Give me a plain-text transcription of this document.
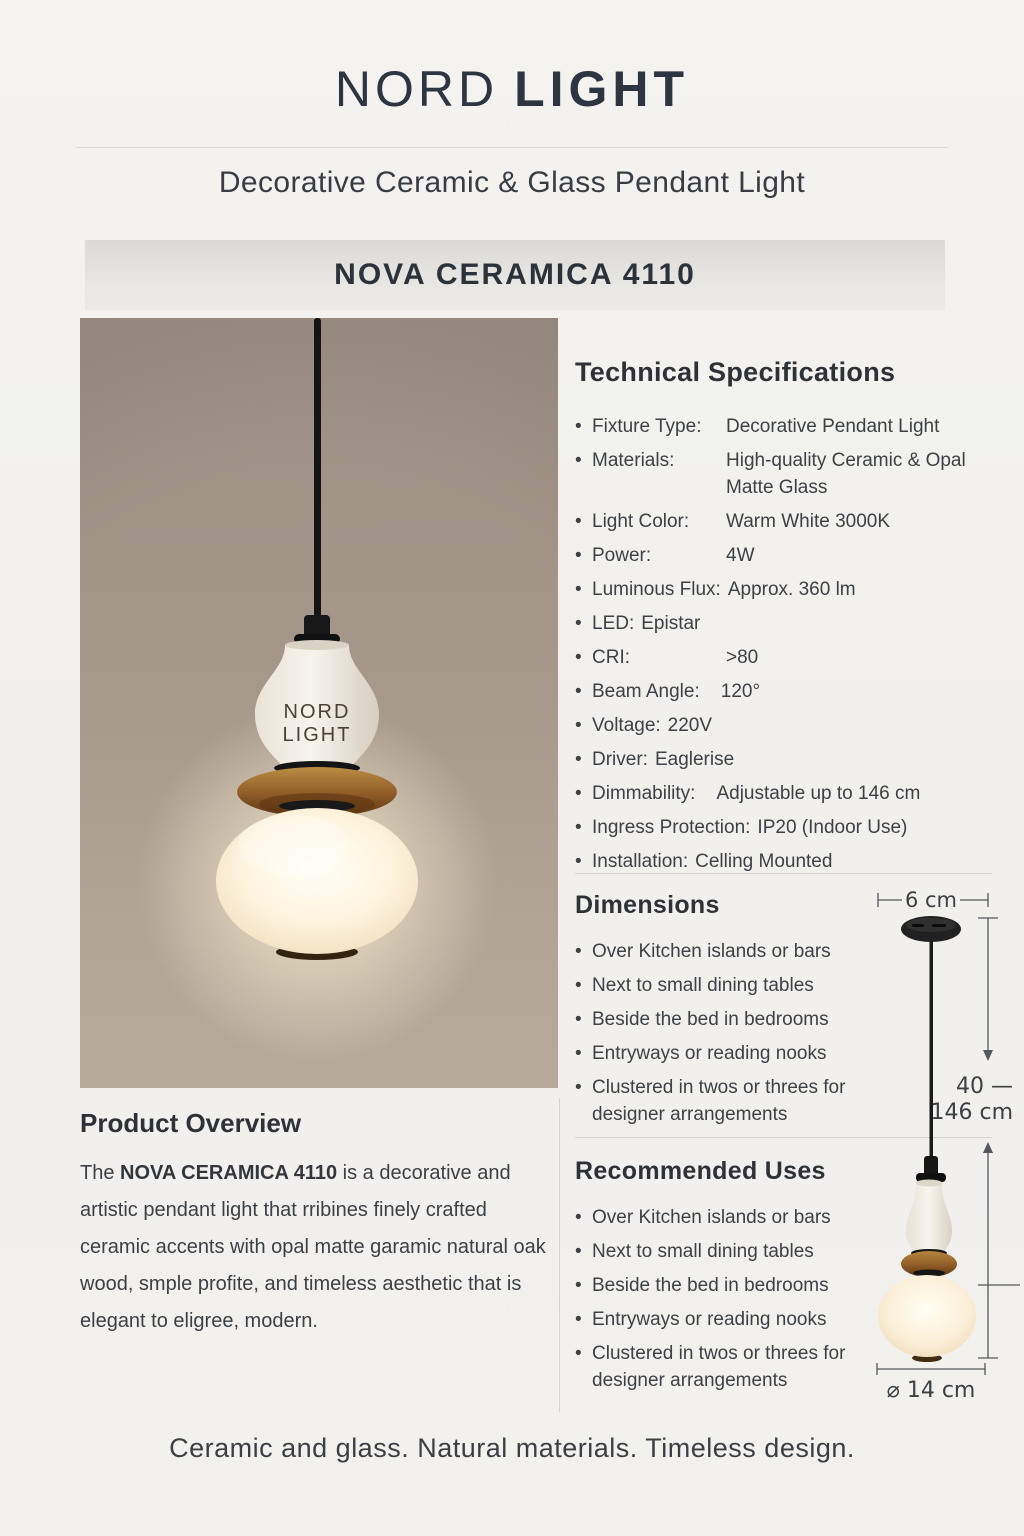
NORD LIGHT
Decorative Ceramic & Glass Pendant Light
NOVA CERAMICA 4110
NORD
LIGHT
Technical Specifications
• Fixture Type: Decorative Pendant Light
• Materials:	High-quality Ceramic & Opal Matte Glass
• Light Color: Warm White 3000K
• Power:	4W
• Luminous Flux: Approx. 360 lm
• LED: Epistar
• CRI:	>80
• Beam Angle: 120°
• Voltage: 220V
• Driver: Eaglerise
• Dimmability: Adjustable up to 146 cm
• Ingress Protection: IP20 (Indoor Use)
• Installation: Celling Mounted
Dimensions
• Over Kitchen islands or bars
• Next to small dining tables
• Beside the bed in bedrooms
• Entryways or reading nooks
• Clustered in twos or threes for designer arrangements
Recommended Uses
• Over Kitchen islands or bars
• Next to small dining tables
• Beside the bed in bedrooms
• Entryways or reading nooks
• Clustered in twos or threes for designer arrangements
Product Overview

The NOVA CERAMICA 4110 is a decorative and artistic pendant light that rribines finely crafted ceramic accents with opal matte garamic natural oak wood, smple profite, and timeless aesthetic that is elegant to eligree, modern.

6 cm
40 —
146 cm
⌀ 14 cm
Ceramic and glass. Natural materials. Timeless design.
